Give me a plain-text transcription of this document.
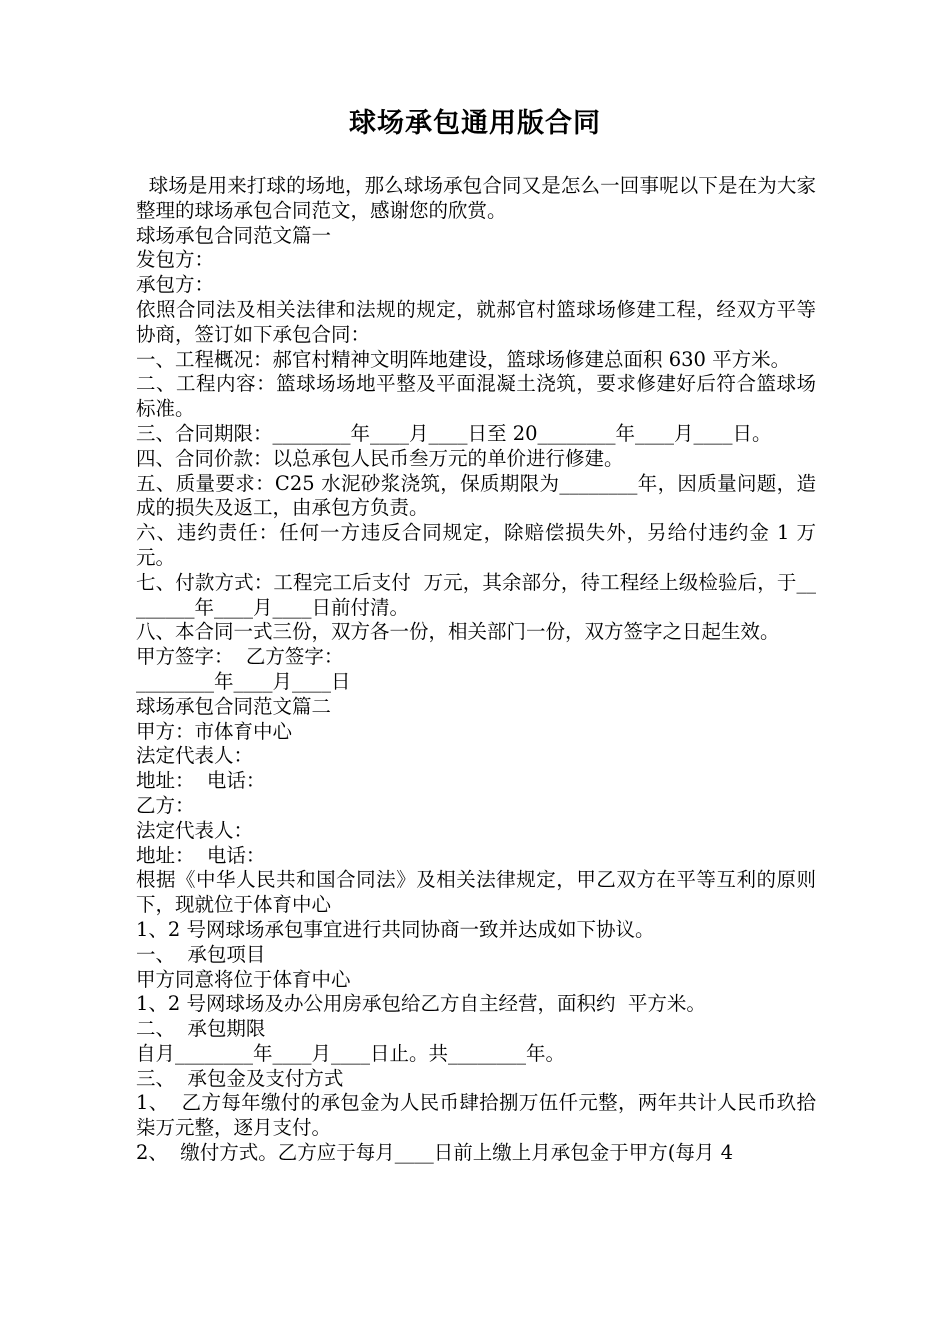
球场承包通用版合同

球场是用来打球的场地，那么球场承包合同又是怎么一回事呢以下是在为大家整理的球场承包合同范文，感谢您的欣赏。

球场承包合同范文篇一

发包方：

承包方：

依照合同法及相关法律和法规的规定，就郝官村篮球场修建工程，经双方平等协商，签订如下承包合同：

一、工程概况：郝官村精神文明阵地建设，篮球场修建总面积 630 平方米。

二、工程内容：篮球场场地平整及平面混凝土浇筑，要求修建好后符合篮球场标准。

三、合同期限：________年____月____日至 20________年____月____日。

四、合同价款：以总承包人民币叁万元的单价进行修建。

五、质量要求：C25 水泥砂浆浇筑，保质期限为________年，因质量问题，造成的损失及返工，由承包方负责。

六、违约责任：任何一方违反合同规定，除赔偿损失外，另给付违约金 1 万元。

七、付款方式：工程完工后支付  万元，其余部分，待工程经上级检验后，于________年____月____日前付清。

八、本合同一式三份，双方各一份，相关部门一份，双方签字之日起生效。

甲方签字：  乙方签字：

________年____月____日

球场承包合同范文篇二

甲方：市体育中心

法定代表人：

地址：  电话：

乙方：

法定代表人：

地址：  电话：

根据《中华人民共和国合同法》及相关法律规定，甲乙双方在平等互利的原则下，现就位于体育中心

1、2 号网球场承包事宜进行共同协商一致并达成如下协议。

一、  承包项目

甲方同意将位于体育中心

1、2 号网球场及办公用房承包给乙方自主经营，面积约  平方米。

二、  承包期限

自月________年____月____日止。共________年。

三、  承包金及支付方式

1、  乙方每年缴付的承包金为人民币肆拾捌万伍仟元整，两年共计人民币玖拾柒万元整，逐月支付。

2、  缴付方式。乙方应于每月____日前上缴上月承包金于甲方(每月 4
